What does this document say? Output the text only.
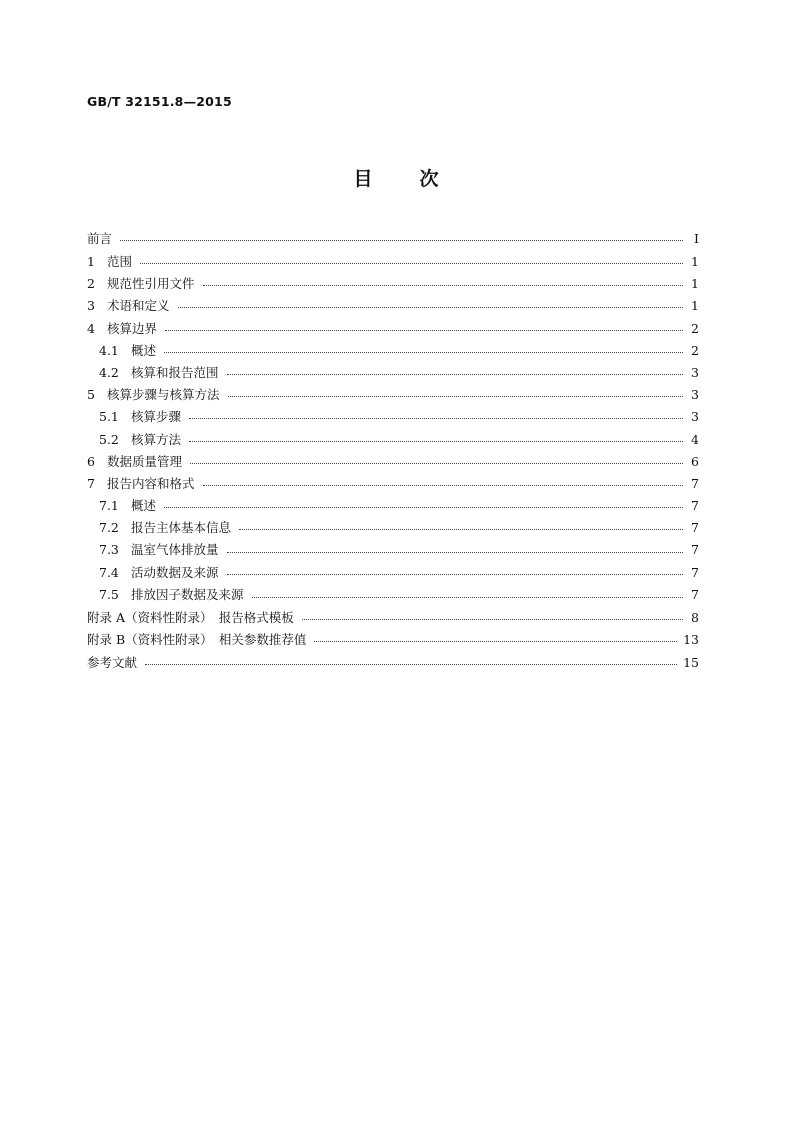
GB/T 32151.8—2015
目 次
前言	Ⅰ
1 范围	1
2 规范性引用文件	1
3 术语和定义	1
4 核算边界	2
4.1 概述	2
4.2 核算和报告范围	3
5 核算步骤与核算方法	3
5.1 核算步骤	3
5.2 核算方法	4
6 数据质量管理	6
7 报告内容和格式	7
7.1 概述	7
7.2 报告主体基本信息	7
7.3 温室气体排放量	7
7.4 活动数据及来源	7
7.5 排放因子数据及来源	7
附录 A（资料性附录）　报告格式模板	8
附录 B（资料性附录）　相关参数推荐值	13
参考文献	15
